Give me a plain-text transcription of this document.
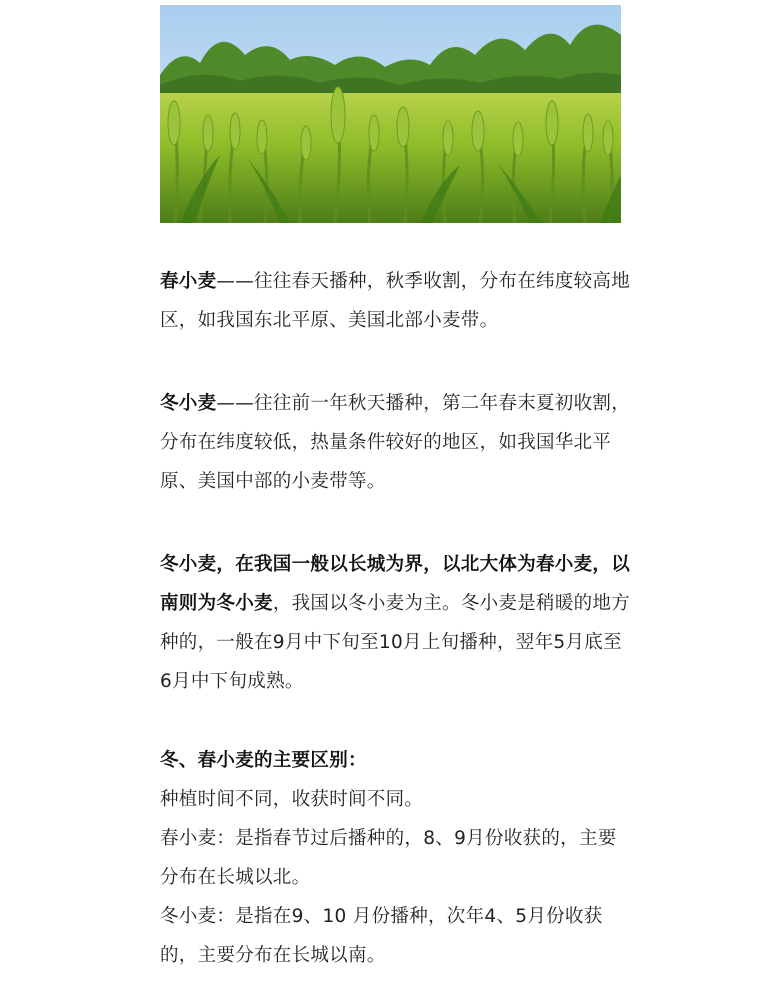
春小麦——往往春天播种，秋季收割，分布在纬度较高地区，如我国东北平原、美国北部小麦带。

冬小麦——往往前一年秋天播种，第二年春末夏初收割，分布在纬度较低，热量条件较好的地区，如我国华北平原、美国中部的小麦带等。

冬小麦，在我国一般以长城为界，以北大体为春小麦，以南则为冬小麦，我国以冬小麦为主。冬小麦是稍暖的地方种的，一般在9月中下旬至10月上旬播种，翌年5月底至6月中下旬成熟。

冬、春小麦的主要区别：

种植时间不同，收获时间不同。

春小麦：是指春节过后播种的，8、9月份收获的，主要分布在长城以北。

冬小麦：是指在9、10 月份播种，次年4、5月份收获的，主要分布在长城以南。
